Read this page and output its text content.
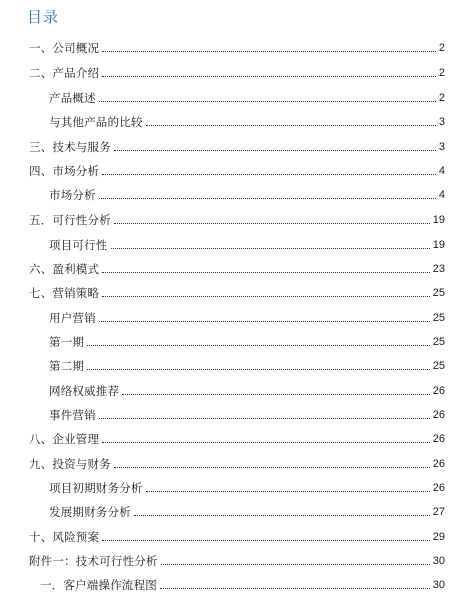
目录
一、公司概况	2
二、产品介绍	2
产品概述	2
与其他产品的比较	3
三、技术与服务	3
四、市场分析	4
市场分析	4
五．可行性分析	19
项目可行性	19
六、盈利模式	23
七、营销策略	25
用户营销	25
第一期	25
第二期	25
网络权威推荐	26
事件营销	26
八、企业管理	26
九、投资与财务	26
项目初期财务分析	26
发展期财务分析	27
十、风险预案	29
附件一：技术可行性分析	30
一．客户端操作流程图	30
